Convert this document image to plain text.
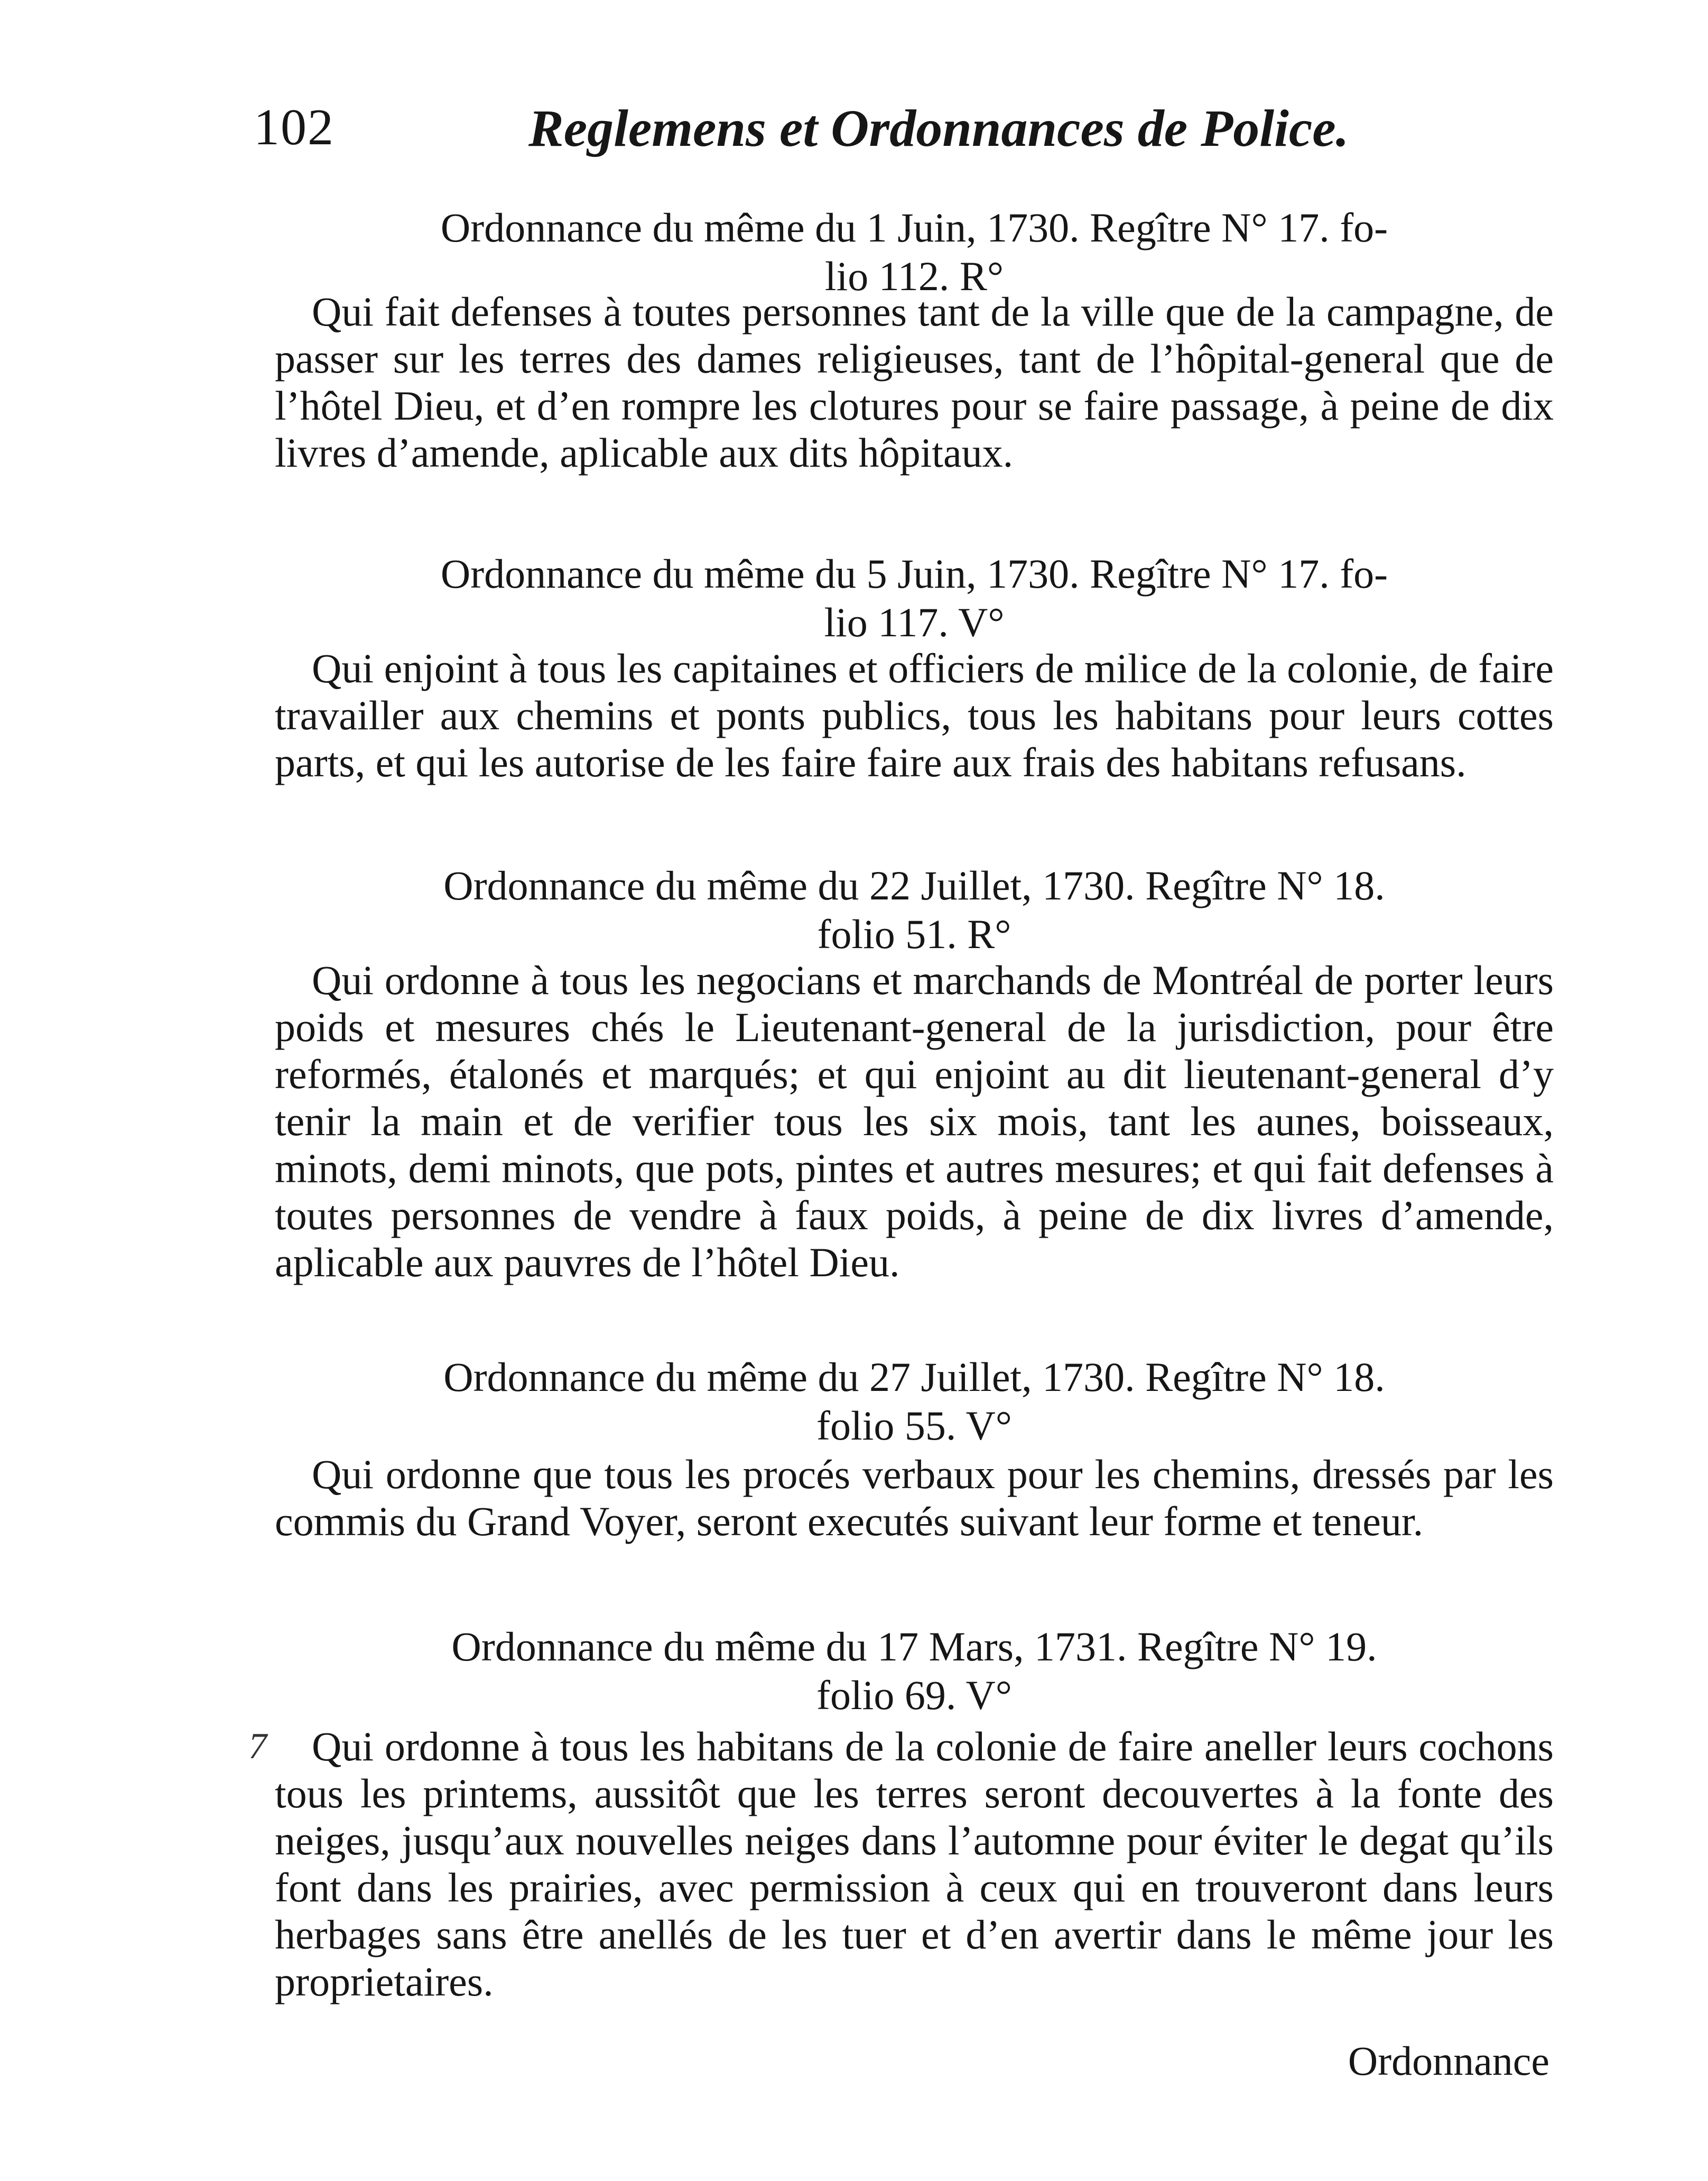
102	Reglemens et Ordonnances de Police.
Ordonnance du même du 1 Juin, 1730. Regître N° 17. fo-
lio 112. R°

Qui fait defenses à toutes personnes tant de la ville que de la campagne, de passer sur les terres des dames religieuses, tant de l’hôpital-general que de l’hôtel Dieu, et d’en rompre les clotures pour se faire passage, à peine de dix livres d’amende, aplicable aux dits hôpitaux.

Ordonnance du même du 5 Juin, 1730. Regître N° 17. fo-
lio 117. V°

Qui enjoint à tous les capitaines et officiers de milice de la colonie, de faire travailler aux chemins et ponts publics, tous les habitans pour leurs cottes parts, et qui les autorise de les faire faire aux frais des habitans refusans.

Ordonnance du même du 22 Juillet, 1730. Regître N° 18.
folio 51. R°

Qui ordonne à tous les negocians et marchands de Montréal de porter leurs poids et mesures chés le Lieutenant-general de la jurisdiction, pour être reformés, étalonés et marqués; et qui enjoint au dit lieutenant-general d’y tenir la main et de verifier tous les six mois, tant les aunes, boisseaux, minots, demi minots, que pots, pintes et autres mesures; et qui fait defenses à toutes personnes de vendre à faux poids, à peine de dix livres d’amende, aplicable aux pauvres de l’hôtel Dieu.

Ordonnance du même du 27 Juillet, 1730. Regître N° 18.
folio 55. V°

Qui ordonne que tous les procés verbaux pour les chemins, dressés par les commis du Grand Voyer, seront executés suivant leur forme et teneur.

Ordonnance du même du 17 Mars, 1731. Regître N° 19.
folio 69. V°

Qui ordonne à tous les habitans de la colonie de faire aneller leurs cochons tous les printems, aussitôt que les terres seront decouvertes à la fonte des neiges, jusqu’aux nouvelles neiges dans l’automne pour éviter le degat qu’ils font dans les prairies, avec permission à ceux qui en trouveront dans leurs herbages sans être anellés de les tuer et d’en avertir dans le même jour les proprietaires.

7
Ordonnance
